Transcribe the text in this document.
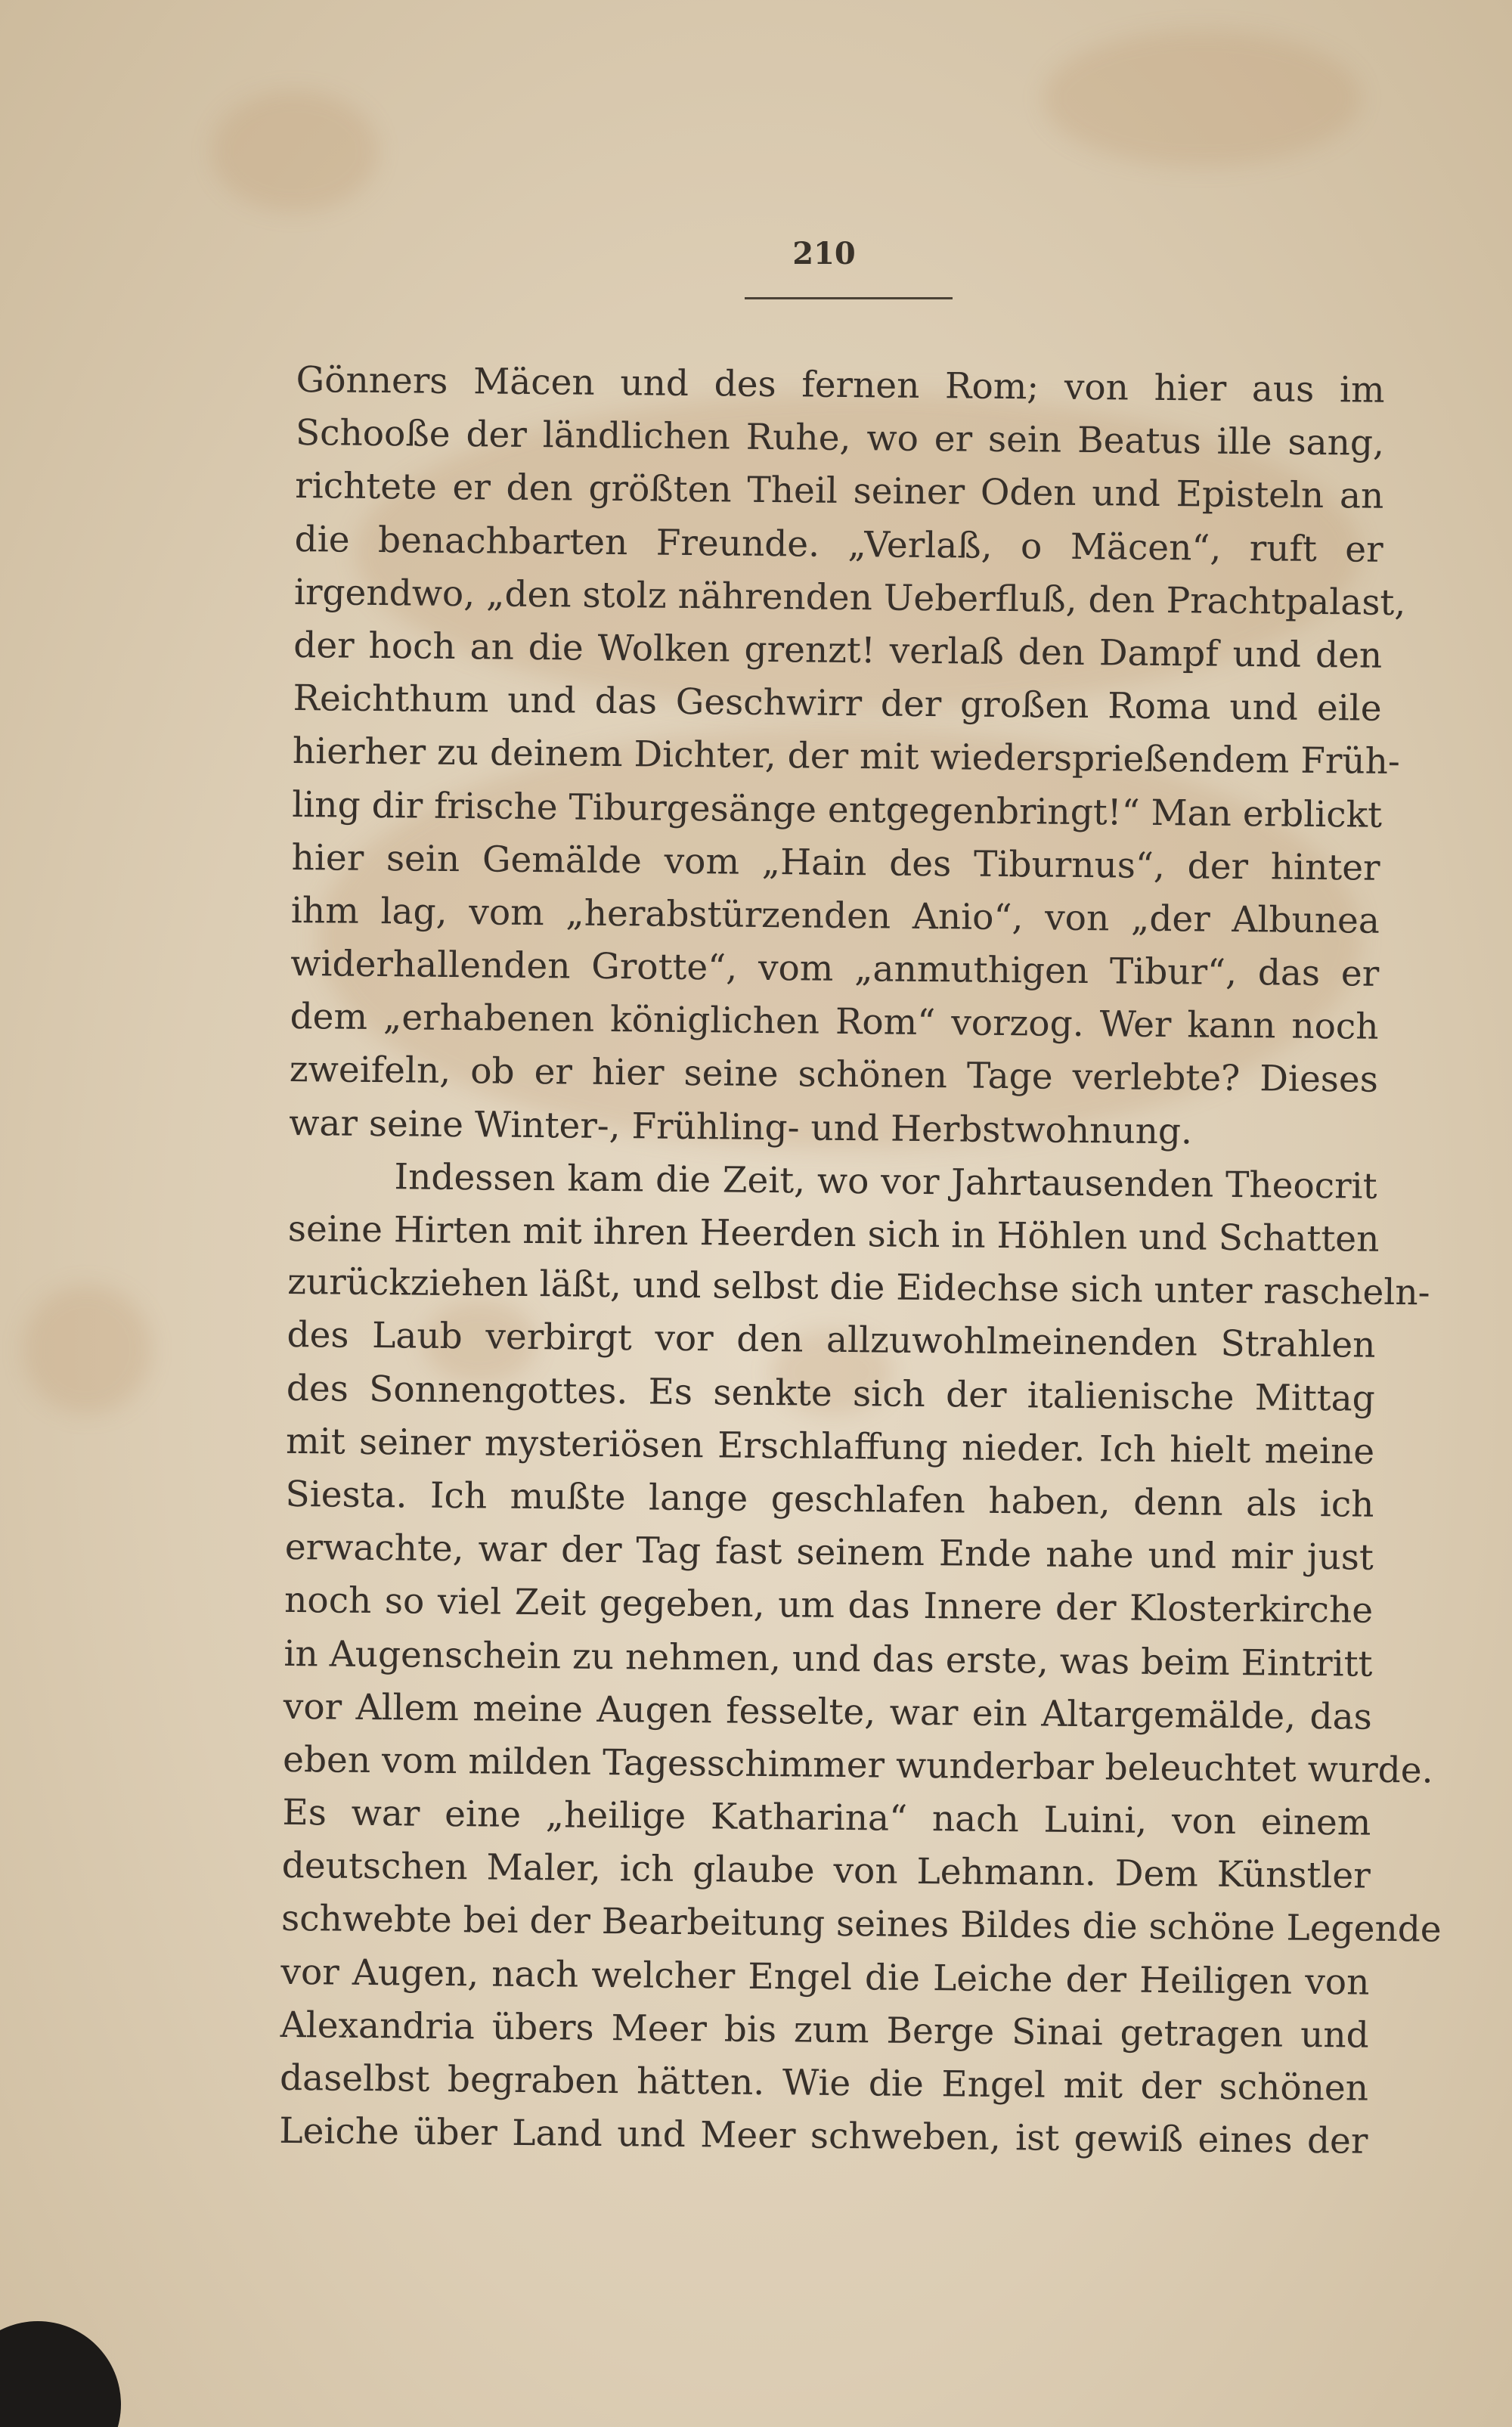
210
Gönners Mäcen und des fernen Rom; von hier aus im
Schooße der ländlichen Ruhe, wo er sein Beatus ille sang,
richtete er den größten Theil seiner Oden und Episteln an
die benachbarten Freunde. „Verlaß, o Mäcen“, ruft er
irgendwo, „den stolz nährenden Ueberfluß, den Prachtpalast,
der hoch an die Wolken grenzt! verlaß den Dampf und den
Reichthum und das Geschwirr der großen Roma und eile
hierher zu deinem Dichter, der mit wiedersprießendem Früh-
ling dir frische Tiburgesänge entgegenbringt!“ Man erblickt
hier sein Gemälde vom „Hain des Tiburnus“, der hinter
ihm lag, vom „herabstürzenden Anio“, von „der Albunea
widerhallenden Grotte“, vom „anmuthigen Tibur“, das er
dem „erhabenen königlichen Rom“ vorzog. Wer kann noch
zweifeln, ob er hier seine schönen Tage verlebte? Dieses
war seine Winter-, Frühling- und Herbstwohnung.
Indessen kam die Zeit, wo vor Jahrtausenden Theocrit
seine Hirten mit ihren Heerden sich in Höhlen und Schatten
zurückziehen läßt, und selbst die Eidechse sich unter rascheln-
des Laub verbirgt vor den allzuwohlmeinenden Strahlen
des Sonnengottes. Es senkte sich der italienische Mittag
mit seiner mysteriösen Erschlaffung nieder. Ich hielt meine
Siesta. Ich mußte lange geschlafen haben, denn als ich
erwachte, war der Tag fast seinem Ende nahe und mir just
noch so viel Zeit gegeben, um das Innere der Klosterkirche
in Augenschein zu nehmen, und das erste, was beim Eintritt
vor Allem meine Augen fesselte, war ein Altargemälde, das
eben vom milden Tagesschimmer wunderbar beleuchtet wurde.
Es war eine „heilige Katharina“ nach Luini, von einem
deutschen Maler, ich glaube von Lehmann. Dem Künstler
schwebte bei der Bearbeitung seines Bildes die schöne Legende
vor Augen, nach welcher Engel die Leiche der Heiligen von
Alexandria übers Meer bis zum Berge Sinai getragen und
daselbst begraben hätten. Wie die Engel mit der schönen
Leiche über Land und Meer schweben, ist gewiß eines der
